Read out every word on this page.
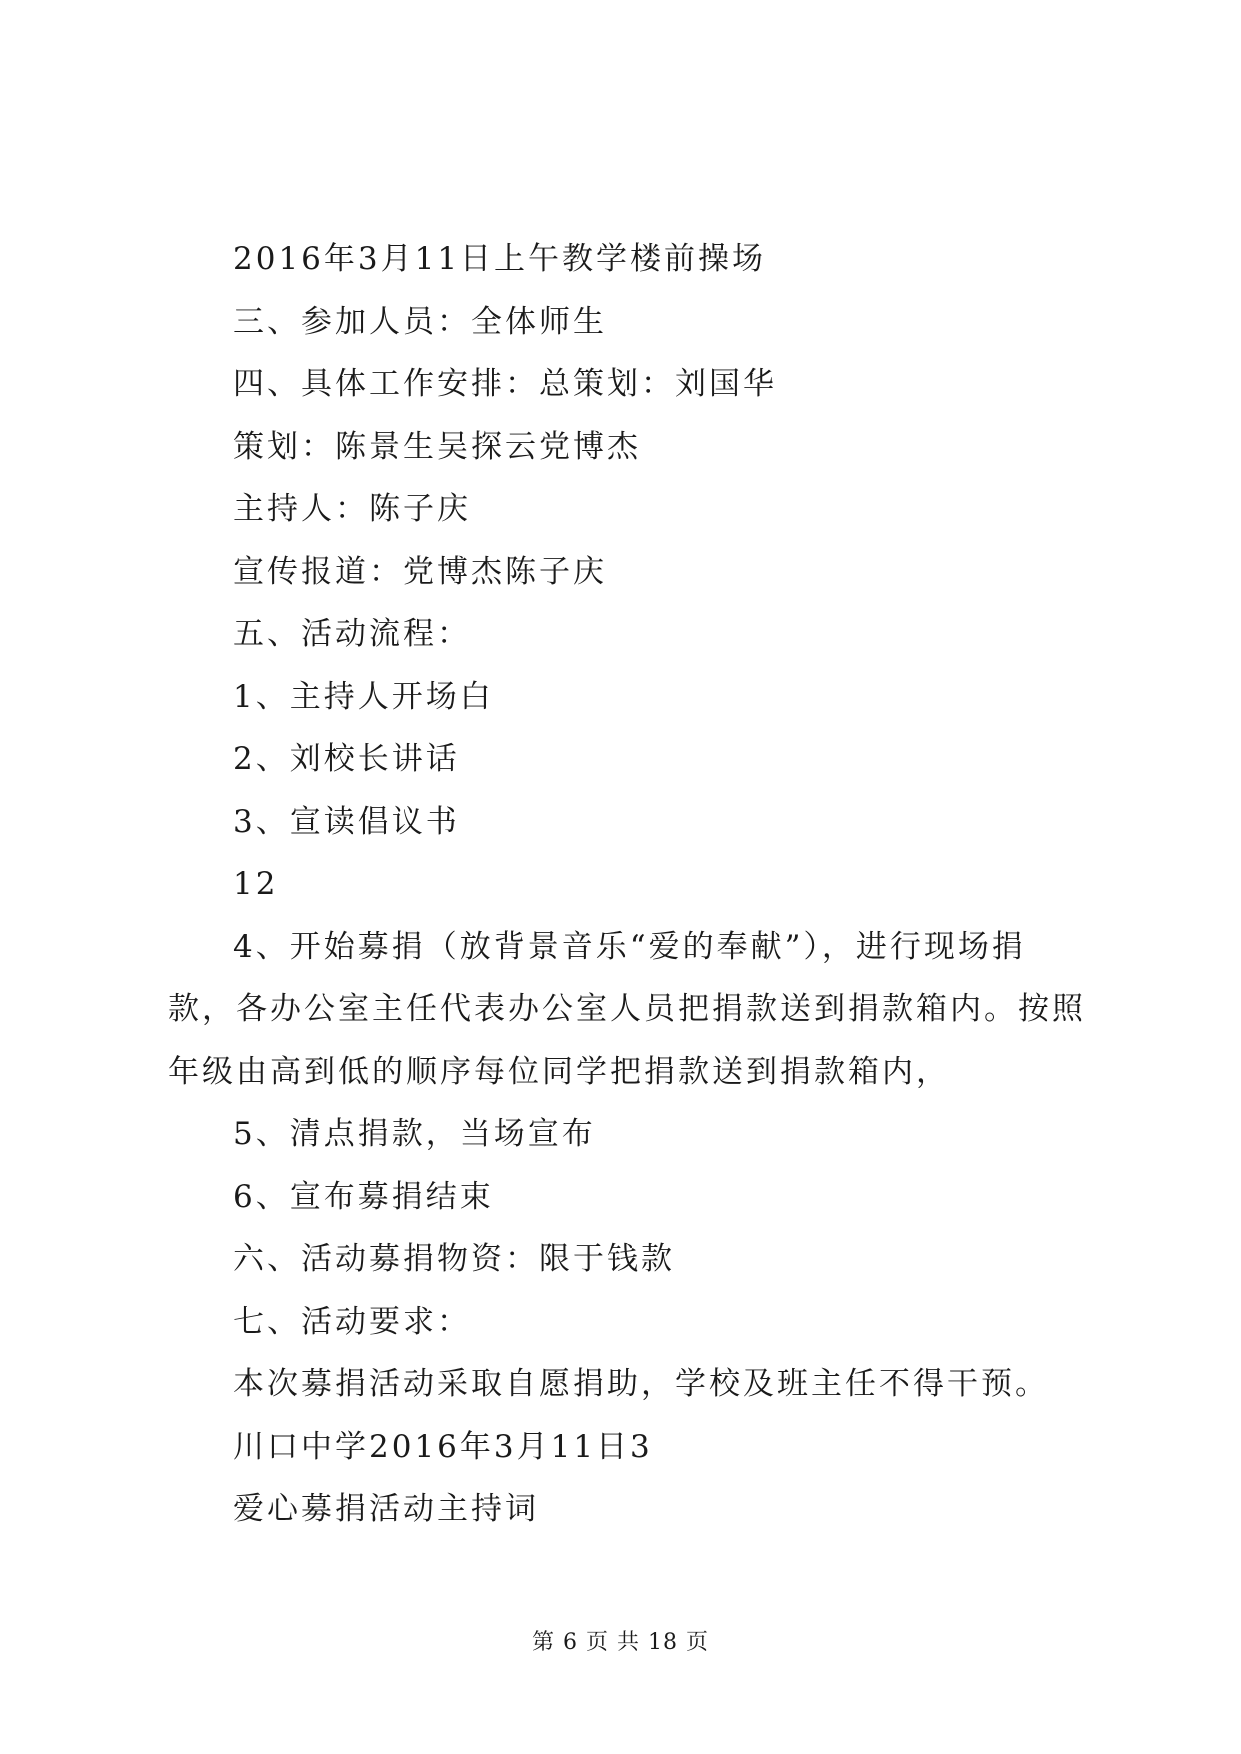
2016年3月11日上午教学楼前操场
三、参加人员：全体师生
四、具体工作安排：总策划：刘国华
策划：陈景生吴探云党博杰
主持人：陈子庆
宣传报道：党博杰陈子庆
五、活动流程：
1、主持人开场白
2、刘校长讲话
3、宣读倡议书
12
4、开始募捐（放背景音乐“爱的奉献”），进行现场捐款，各办公室主任代表办公室人员把捐款送到捐款箱内。按照年级由高到低的顺序每位同学把捐款送到捐款箱内，
5、清点捐款，当场宣布
6、宣布募捐结束
六、活动募捐物资：限于钱款
七、活动要求：
本次募捐活动采取自愿捐助，学校及班主任不得干预。
川口中学2016年3月11日3
爱心募捐活动主持词
第 6 页 共 18 页
